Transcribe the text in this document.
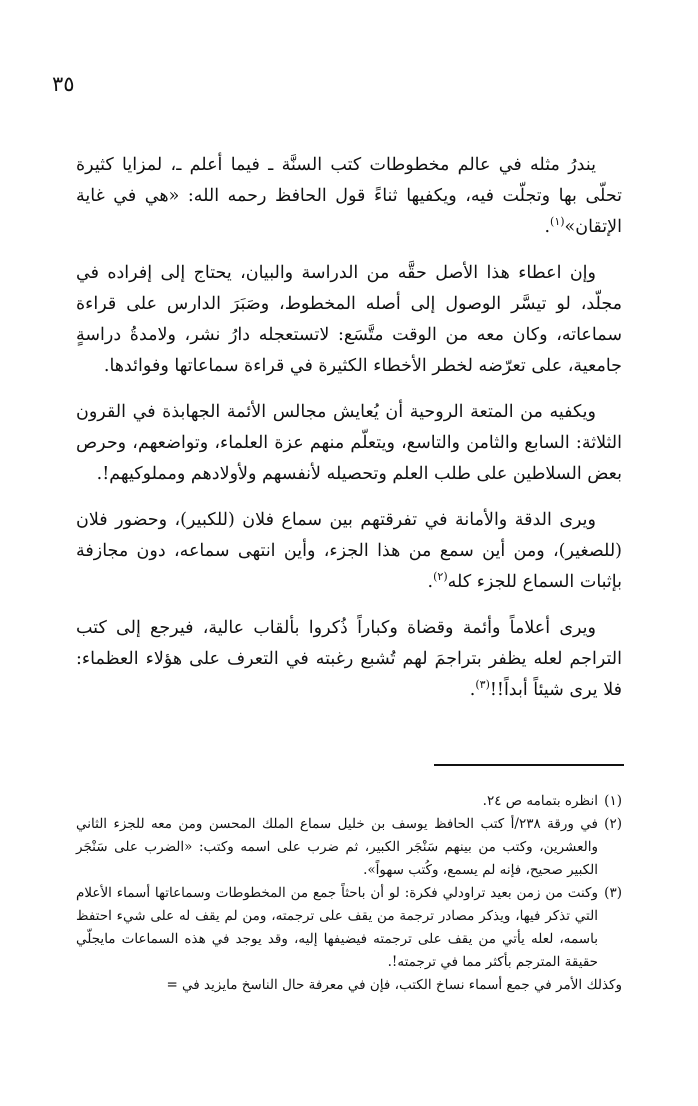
٣٥

يندرُ مثله في عالم مخطوطات كتب السنَّة ـ فيما أعلم ـ، لمزايا كثيرة تحلّى بها وتجلّت فيه، ويكفيها ثناءً قول الحافظ رحمه الله: «هي في غاية الإتقان»$^{(١)}$.

وإن اعطاء هذا الأصل حقَّه من الدراسة والبيان، يحتاج إلى إفراده في مجلّد، لو تيسَّر الوصول إلى أصله المخطوط، وصَبَرَ الدارس على قراءة سماعاته، وكان معه من الوقت متَّسَع: لاتستعجله دارُ نشر، ولامدةُ دراسةٍ جامعية، على تعرّضه لخطر الأخطاء الكثيرة في قراءة سماعاتها وفوائدها.

ويكفيه من المتعة الروحية أن يُعايش مجالس الأئمة الجهابذة في القرون الثلاثة: السابع والثامن والتاسع، ويتعلّم منهم عزة العلماء، وتواضعهم، وحرص بعض السلاطين على طلب العلم وتحصيله لأنفسهم ولأولادهم ومملوكيهم!.

ويرى الدقة والأمانة في تفرقتهم بين سماع فلان (للكبير)، وحضور فلان (للصغير)، ومن أين سمع من هذا الجزء، وأين انتهى سماعه، دون مجازفة بإثبات السماع للجزء كله$^{(٢)}$.

ويرى أعلاماً وأئمة وقضاة وكباراً ذُكروا بألقاب عالية، فيرجع إلى كتب التراجم لعله يظفر بتراجمَ لهم تُشبع رغبته في التعرف على هؤلاء العظماء: فلا يرى شيئاً أبداً!!$^{(٣)}$.

(١)
انظره بتمامه ص ٢٤.

(٢)
في ورقة ٢٣٨/أ كتب الحافظ يوسف بن خليل سماع الملك المحسن ومن معه للجزء الثاني والعشرين، وكتب من بينهم سَنْجَر الكبير، ثم ضرب على اسمه وكتب: «الضرب على سَنْجَر الكبير صحيح، فإنه لم يسمع، وكُتب سهواً».

(٣)
وكنت من زمن بعيد تراودلي فكرة: لو أن باحثاً جمع من المخطوطات وسماعاتها أسماء الأعلام التي تذكر فيها، ويذكر مصادر ترجمة من يقف على ترجمته، ومن لم يقف له على شيء احتفظ باسمه، لعله يأتي من يقف على ترجمته فيضيفها إليه، وقد يوجد في هذه السماعات مايجلّي حقيقة المترجم بأكثر مما في ترجمته!.

وكذلك الأمر في جمع أسماء نساخ الكتب، فإن في معرفة حال الناسخ مايزيد في =
